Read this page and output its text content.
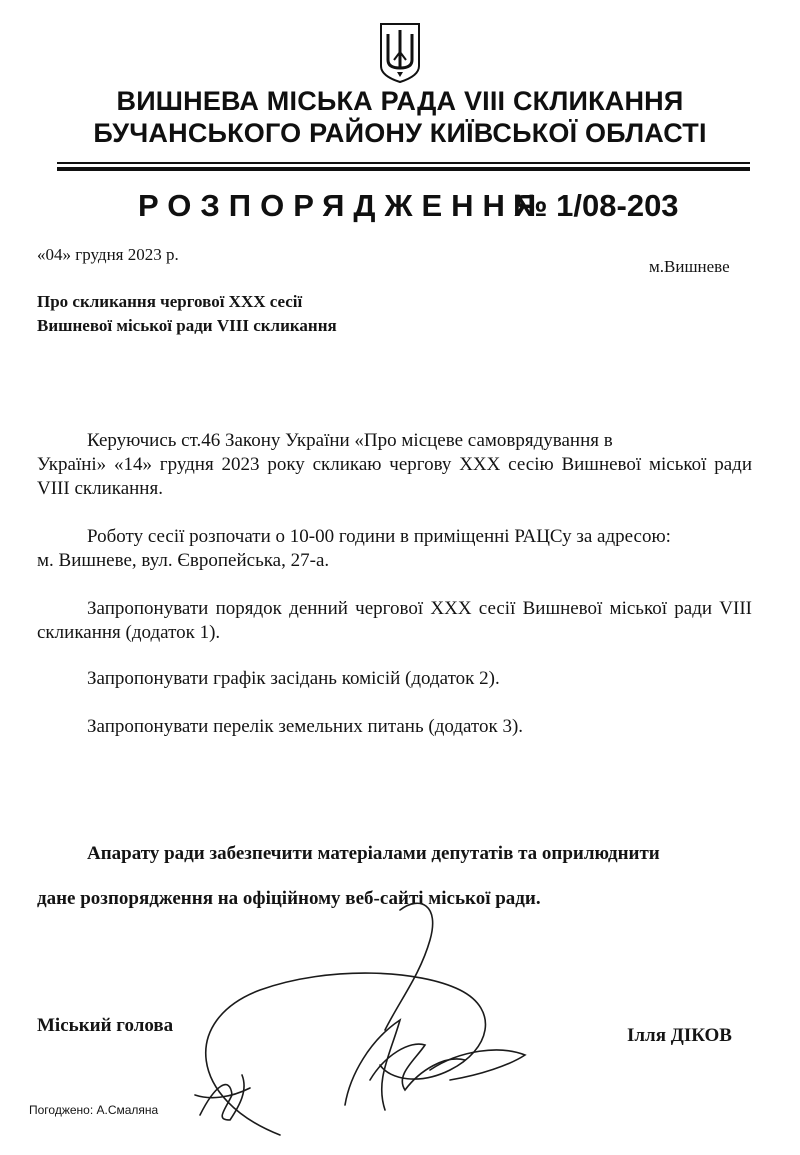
ВИШНЕВА МІСЬКА РАДА VIII СКЛИКАННЯ
БУЧАНСЬКОГО РАЙОНУ КИЇВСЬКОЇ ОБЛАСТІ
РОЗПОРЯДЖЕННЯ
№ 1/08-203
«04» грудня 2023 р.
м.Вишневе
Про скликання чергової ХХХ сесії
Вишневої міської ради VIII скликання
Керуючись ст.46 Закону України «Про місцеве самоврядування в
Україні» «14» грудня 2023 року скликаю чергову ХХХ сесію Вишневої міської ради VIII скликання.
Роботу сесії розпочати о 10-00 години в приміщенні РАЦСу за адресою:
м. Вишневе, вул. Європейська, 27-а.
Запропонувати порядок денний чергової ХХХ сесії Вишневої міської ради VIII скликання (додаток 1).
Запропонувати графік засідань комісій (додаток 2).
Запропонувати перелік земельних питань (додаток 3).
Апарату ради забезпечити матеріалами депутатів та оприлюднити
дане розпорядження на офіційному веб-сайті міської ради.
Міський голова	Ілля ДІКОВ
Погоджено: А.Смаляна
